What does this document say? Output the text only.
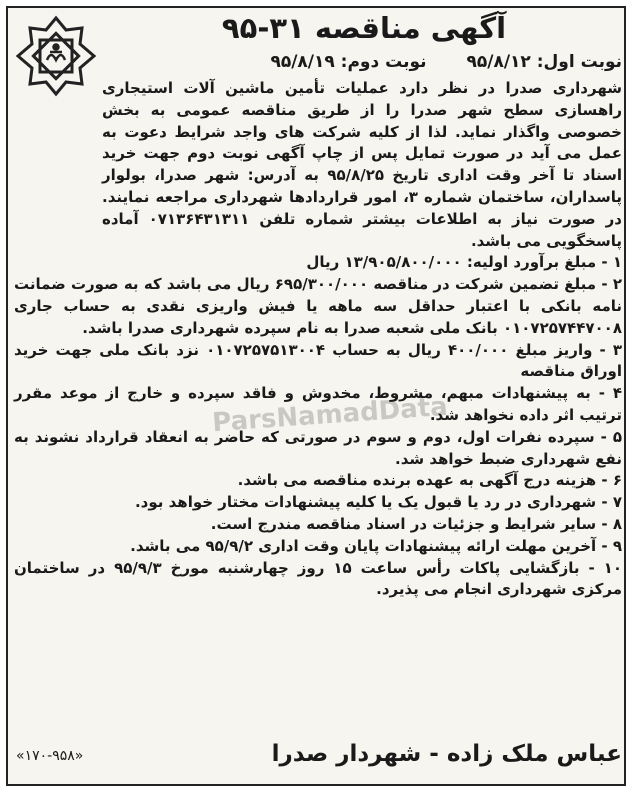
آگهی مناقصه ۳۱-۹۵
نوبت اول: ۹۵/۸/۱۲ نوبت دوم: ۹۵/۸/۱۹

شهرداری صدرا در نظر دارد عملیات تأمین ماشین آلات استیجاری راهسازی سطح شهر صدرا را از طریق مناقصه عمومی به بخش خصوصی واگذار نماید. لذا از کلیه شرکت های واجد شرایط دعوت به عمل می آید در صورت تمایل پس از چاپ آگهی نوبت دوم جهت خرید اسناد تا آخر وقت اداری تاریخ ۹۵/۸/۲۵ به آدرس: شهر صدرا، بولوار پاسداران، ساختمان شماره ۳، امور قراردادها شهرداری مراجعه نمایند. در صورت نیاز به اطلاعات بیشتر شماره تلفن ۰۷۱۳۶۴۳۱۳۱۱ آماده پاسخگویی می باشد.

۱ - مبلغ برآورد اولیه: ۱۳/۹۰۵/۸۰۰/۰۰۰ ریال

۲ - مبلغ تضمین شرکت در مناقصه ۶۹۵/۳۰۰/۰۰۰ ریال می باشد که به صورت ضمانت نامه بانکی با اعتبار حداقل سه ماهه یا فیش واریزی نقدی به حساب جاری ۰۱۰۷۲۵۷۴۴۷۰۰۸ بانک ملی شعبه صدرا به نام سپرده شهرداری صدرا باشد.

۳ - واریز مبلغ ۴۰۰/۰۰۰ ریال به حساب ۰۱۰۷۲۵۷۵۱۳۰۰۴ نزد بانک ملی جهت خرید اوراق مناقصه

۴ - به پیشنهادات مبهم، مشروط، مخدوش و فاقد سپرده و خارج از موعد مقرر ترتیب اثر داده نخواهد شد.

۵ - سپرده نفرات اول، دوم و سوم در صورتی که حاضر به انعقاد قرارداد نشوند به نفع شهرداری ضبط خواهد شد.

۶ - هزینه درج آگهی به عهده برنده مناقصه می باشد.

۷ - شهرداری در رد یا قبول یک یا کلیه پیشنهادات مختار خواهد بود.

۸ - سایر شرایط و جزئیات در اسناد مناقصه مندرج است.

۹ - آخرین مهلت ارائه پیشنهادات پایان وقت اداری ۹۵/۹/۲ می باشد.

۱۰ - بازگشایی پاکات رأس ساعت ۱۵ روز چهارشنبه مورخ ۹۵/۹/۳ در ساختمان مرکزی شهرداری انجام می پذیرد.

عباس ملک زاده - شهردار صدرا
«۱۷۰-۹۵۸»
